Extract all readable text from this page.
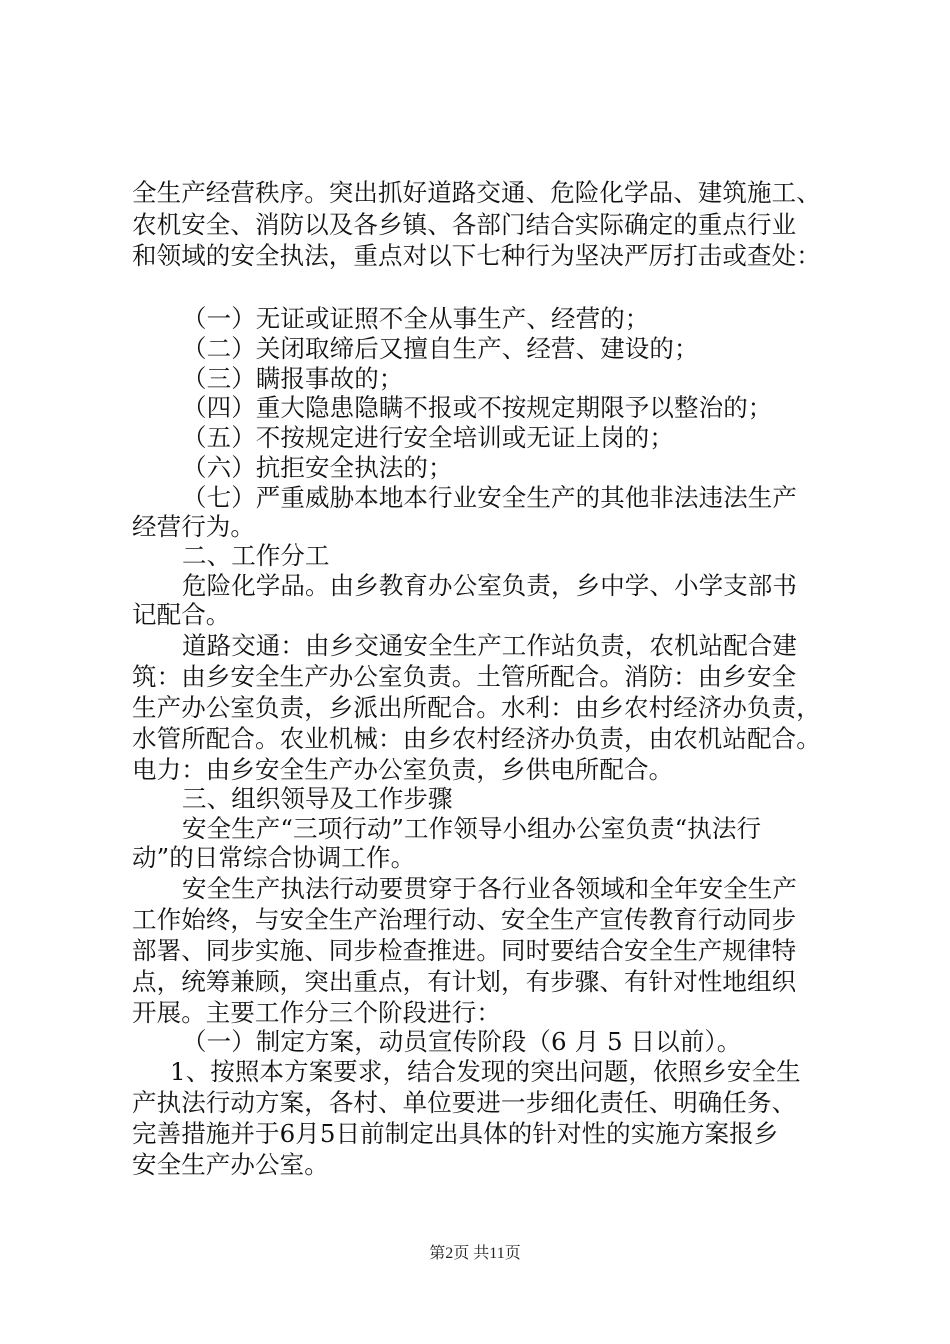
全生产经营秩序。突出抓好道路交通、危险化学品、建筑施工、
农机安全、消防以及各乡镇、各部门结合实际确定的重点行业
和领域的安全执法，重点对以下七种行为坚决严厉打击或查处：
（一）无证或证照不全从事生产、经营的；
（二）关闭取缔后又擅自生产、经营、建设的；
（三）瞒报事故的；
（四）重大隐患隐瞒不报或不按规定期限予以整治的；
（五）不按规定进行安全培训或无证上岗的；
（六）抗拒安全执法的；
（七）严重威胁本地本行业安全生产的其他非法违法生产
经营行为。
二、工作分工
危险化学品。由乡教育办公室负责，乡中学、小学支部书
记配合。
道路交通：由乡交通安全生产工作站负责，农机站配合建
筑：由乡安全生产办公室负责。土管所配合。消防：由乡安全
生产办公室负责，乡派出所配合。水利：由乡农村经济办负责，
水管所配合。农业机械：由乡农村经济办负责，由农机站配合。
电力：由乡安全生产办公室负责，乡供电所配合。
三、组织领导及工作步骤
安全生产“三项行动”工作领导小组办公室负责“执法行
动”的日常综合协调工作。
安全生产执法行动要贯穿于各行业各领域和全年安全生产
工作始终，与安全生产治理行动、安全生产宣传教育行动同步
部署、同步实施、同步检查推进。同时要结合安全生产规律特
点，统筹兼顾，突出重点，有计划，有步骤、有针对性地组织
开展。主要工作分三个阶段进行：
（一）制定方案，动员宣传阶段（6 月 5 日以前）。
1、按照本方案要求，结合发现的突出问题，依照乡安全生
产执法行动方案，各村、单位要进一步细化责任、明确任务、
完善措施并于6月5日前制定出具体的针对性的实施方案报乡
安全生产办公室。
第2页 共11页
